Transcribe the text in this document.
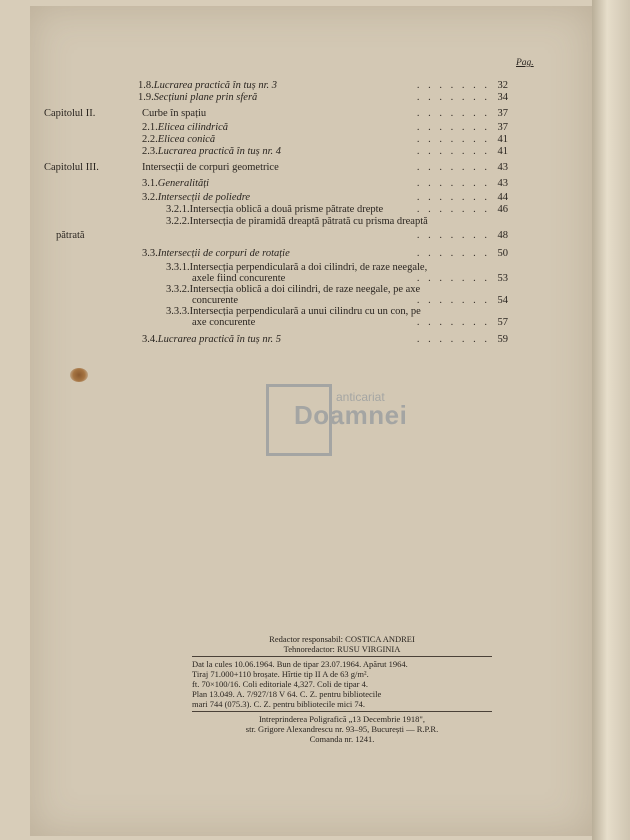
Pag.
1.8.Lucrarea practică în tuș nr. 3	. . . . . . . 32
1.9.Secțiuni plane prin sferă	. . . . . . . 34
Capitolul II.	Curbe în spațiu	. . . . . . . 37
2.1.Elicea cilindrică	. . . . . . . 37
2.2.Elicea conică	. . . . . . . 41
2.3.Lucrarea practică în tuș nr. 4	. . . . . . . 41
Capitolul III.	Intersecții de corpuri geometrice	. . . . . . . 43
3.1.Generalități	. . . . . . . 43
3.2.Intersecții de poliedre	. . . . . . . 44
3.2.1.Intersecția oblică a două prisme pătrate drepte	. . . . . . . 46
3.2.2.Intersecția de piramidă dreaptă pătrată cu prisma dreaptă
pătrată	. . . . . . . 48
3.3.Intersecții de corpuri de rotație	. . . . . . . 50
3.3.1.Intersecția perpendiculară a doi cilindri, de raze neegale,
axele fiind concurente	. . . . . . . 53
3.3.2.Intersecția oblică a doi cilindri, de raze neegale, pe axe
concurente	. . . . . . . 54
3.3.3.Intersecția perpendiculară a unui cilindru cu un con, pe
axe concurente	. . . . . . . 57
3.4.Lucrarea practică în tuș nr. 5	. . . . . . . 59
anticariat
Doamnei
Redactor responsabil: COSTICA ANDREI
Tehnoredactor: RUSU VIRGINIA
Dat la cules 10.06.1964. Bun de tipar 23.07.1964. Apărut 1964.
Tiraj 71.000+110 broșate. Hîrtie tip II A de 63 g/m².
ft. 70×100/16. Coli editoriale 4,327. Coli de tipar 4.
Plan 13.049. A. 7/927/18 V 64. C. Z. pentru bibliotecile
mari 744 (075.3). C. Z. pentru bibliotecile mici 74.
Intreprinderea Poligrafică „13 Decembrie 1918",
str. Grigore Alexandrescu nr. 93–95, București — R.P.R.
Comanda nr. 1241.
